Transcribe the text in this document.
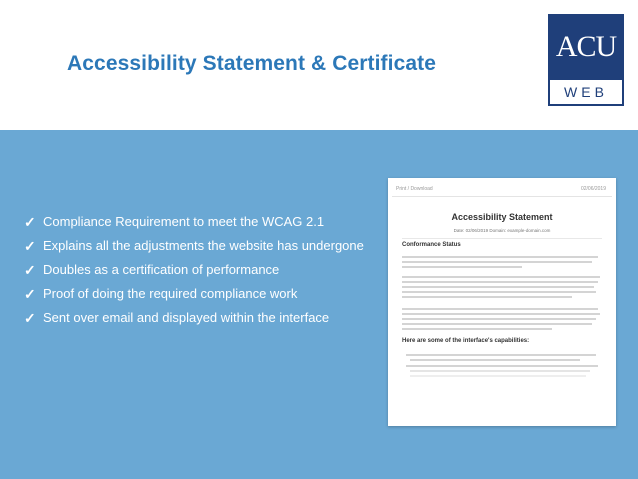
Accessibility Statement & Certificate
ACU
WEB
✓ Compliance Requirement to meet the WCAG 2.1
✓ Explains all the adjustments the website has undergone
✓ Doubles as a certification of performance
✓ Proof of doing the required compliance work
✓ Sent over email and displayed within the interface
Print / Download	02/06/2019
Accessibility Statement
Date: 02/06/2019 Domain: example-domain.com
Conformance Status
Here are some of the interface's capabilities:
